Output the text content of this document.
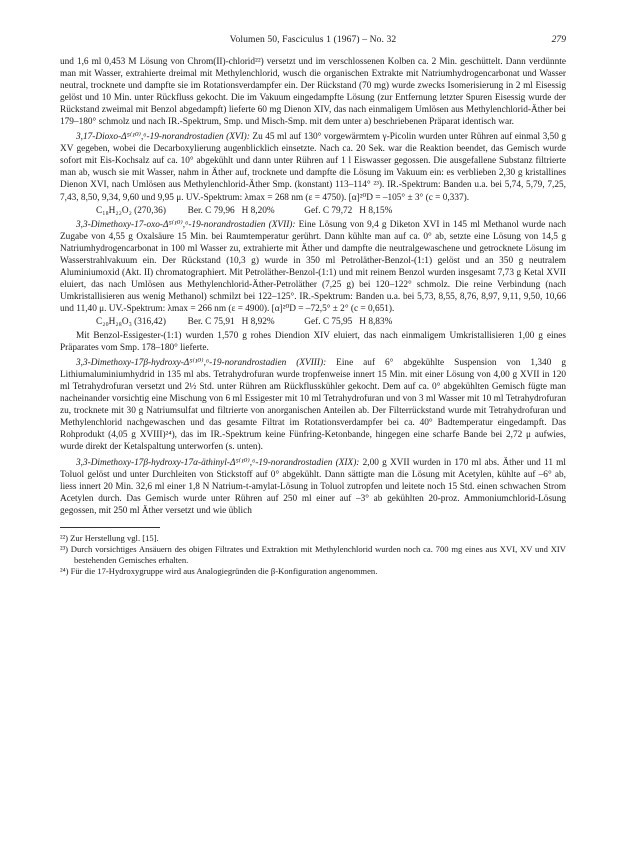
Volumen 50, Fasciculus 1 (1967) – No. 32	279

und 1,6 ml 0,453 M Lösung von Chrom(II)-chlorid²²) versetzt und im verschlossenen Kolben ca. 2 Min. geschüttelt. Dann verdünnte man mit Wasser, extrahierte dreimal mit Methylenchlorid, wusch die organischen Extrakte mit Natriumhydrogencarbonat und Wasser neutral, trocknete und dampfte sie im Rotationsverdampfer ein. Der Rückstand (70 mg) wurde zwecks Isomerisierung in 2 ml Eisessig gelöst und 10 Min. unter Rückfluss gekocht. Die im Vakuum eingedampfte Lösung (zur Entfernung letzter Spuren Eisessig wurde der Rückstand zweimal mit Benzol abgedampft) lieferte 60 mg Dienon XIV, das nach einmaligem Umlösen aus Methylenchlorid-Äther bei 179–180° schmolz und nach IR.-Spektrum, Smp. und Misch-Smp. mit dem unter a) beschriebenen Präparat identisch war.

3,17-Dioxo-Δ⁵⁽¹⁰⁾,⁶-19-norandrostadien (XVI): Zu 45 ml auf 130° vorgewärmtem γ-Picolin wurden unter Rühren auf einmal 3,50 g XV gegeben, wobei die Decarboxylierung augenblicklich einsetzte. Nach ca. 20 Sek. war die Reaktion beendet, das Gemisch wurde sofort mit Eis-Kochsalz auf ca. 10° abgekühlt und dann unter Rühren auf 1 l Eiswasser gegossen. Die ausgefallene Substanz filtrierte man ab, wusch sie mit Wasser, nahm in Äther auf, trocknete und dampfte die Lösung im Vakuum ein: es verblieben 2,30 g kristallines Dienon XVI, nach Umlösen aus Methylenchlorid-Äther Smp. (konstant) 113–114° ²³). IR.-Spektrum: Banden u.a. bei 5,74, 5,79, 7,25, 7,43, 8,50, 9,34, 9,60 und 9,95 μ. UV.-Spektrum: λmax = 268 nm (ε = 4750). [α]²⁰D = –105° ± 3° (c = 0,337).

C₁₈H₂₂O₂ (270,36) Ber. C 79,96   H 8,20%	Gef. C 79,72   H 8,15%

3,3-Dimethoxy-17-oxo-Δ⁵⁽¹⁰⁾,⁶-19-norandrostadien (XVII): Eine Lösung von 9,4 g Diketon XVI in 145 ml Methanol wurde nach Zugabe von 4,55 g Oxalsäure 15 Min. bei Raumtemperatur gerührt. Dann kühlte man auf ca. 0° ab, setzte eine Lösung von 14,5 g Natriumhydrogencarbonat in 100 ml Wasser zu, extrahierte mit Äther und dampfte die neutralgewaschene und getrocknete Lösung im Wasserstrahlvakuum ein. Der Rückstand (10,3 g) wurde in 350 ml Petroläther-Benzol-(1:1) gelöst und an 350 g neutralem Aluminiumoxid (Akt. II) chromatographiert. Mit Petroläther-Benzol-(1:1) und mit reinem Benzol wurden insgesamt 7,73 g Ketal XVII eluiert, das nach Umlösen aus Methylenchlorid-Äther-Petroläther (7,25 g) bei 120–122° schmolz. Die reine Verbindung (nach Umkristallisieren aus wenig Methanol) schmilzt bei 122–125°. IR.-Spektrum: Banden u.a. bei 5,73, 8,55, 8,76, 8,97, 9,11, 9,50, 10,66 und 11,40 μ. UV.-Spektrum: λmax = 266 nm (ε = 4900). [α]²⁰D = –72,5° ± 2° (c = 0,651).

C₂₀H₂₈O₃ (316,42) Ber. C 75,91   H 8,92%	Gef. C 75,95   H 8,83%

Mit Benzol-Essigester-(1:1) wurden 1,570 g rohes Diendion XIV eluiert, das nach einmaligem Umkristallisieren 1,00 g eines Präparates vom Smp. 178–180° lieferte.

3,3-Dimethoxy-17β-hydroxy-Δ⁵⁽¹⁰⁾,⁶-19-norandrostadien (XVIII): Eine auf 6° abgekühlte Suspension von 1,340 g Lithiumaluminiumhydrid in 135 ml abs. Tetrahydrofuran wurde tropfenweise innert 15 Min. mit einer Lösung von 4,00 g XVII in 120 ml Tetrahydrofuran versetzt und 2½ Std. unter Rühren am Rückflusskühler gekocht. Dem auf ca. 0° abgekühlten Gemisch fügte man nacheinander vorsichtig eine Mischung von 6 ml Essigester mit 10 ml Tetrahydrofuran und von 3 ml Wasser mit 10 ml Tetrahydrofuran zu, trocknete mit 30 g Natriumsulfat und filtrierte von anorganischen Anteilen ab. Der Filterrückstand wurde mit Tetrahydrofuran und Methylenchlorid nachgewaschen und das gesamte Filtrat im Rotationsverdampfer bei ca. 40° Badtemperatur eingedampft. Das Rohprodukt (4,05 g XVIII)²⁴), das im IR.-Spektrum keine Fünfring-Ketonbande, hingegen eine scharfe Bande bei 2,72 μ aufwies, wurde direkt der Ketalspaltung unterworfen (s. unten).

3,3-Dimethoxy-17β-hydroxy-17α-äthinyl-Δ⁵⁽¹⁰⁾,⁶-19-norandrostadien (XIX): 2,00 g XVII wurden in 170 ml abs. Äther und 11 ml Toluol gelöst und unter Durchleiten von Stickstoff auf 0° abgekühlt. Dann sättigte man die Lösung mit Acetylen, kühlte auf –6° ab, liess innert 20 Min. 32,6 ml einer 1,8 N Natrium-t-amylat-Lösung in Toluol zutropfen und leitete noch 15 Std. einen schwachen Strom Acetylen durch. Das Gemisch wurde unter Rühren auf 250 ml einer auf –3° ab gekühlten 20-proz. Ammoniumchlorid-Lösung gegossen, mit 250 ml Äther versetzt und wie üblich

²²) Zur Herstellung vgl. [15].

²³) Durch vorsichtiges Ansäuern des obigen Filtrates und Extraktion mit Methylenchlorid wurden noch ca. 700 mg eines aus XVI, XV und XIV bestehenden Gemisches erhalten.

²⁴) Für die 17-Hydroxygruppe wird aus Analogiegründen die β-Konfiguration angenommen.
